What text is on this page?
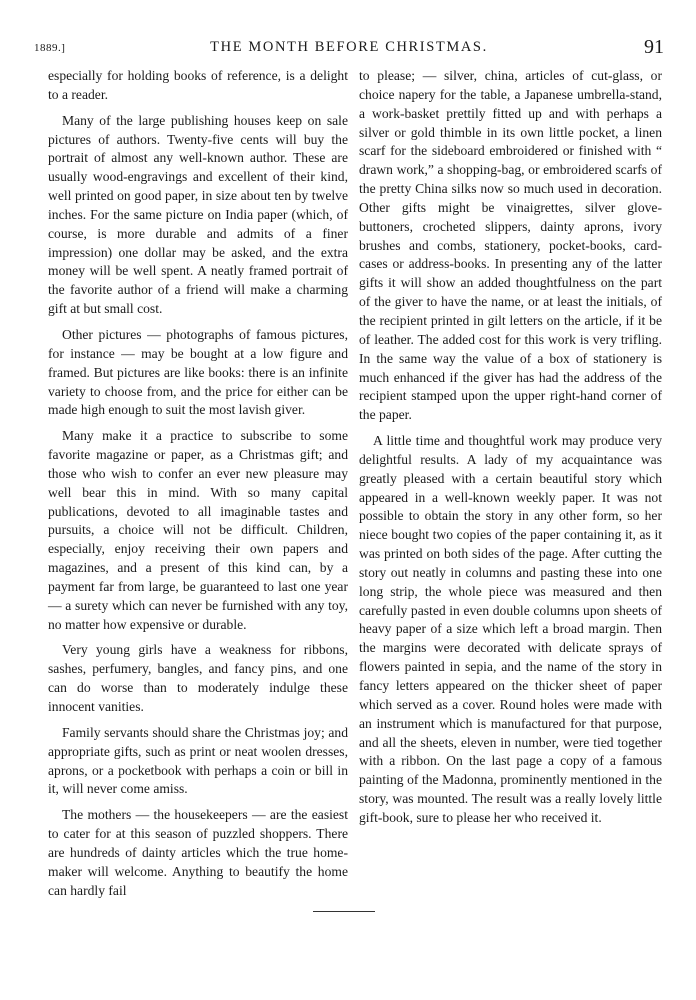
1889.]	THE MONTH BEFORE CHRISTMAS.	91

especially for holding books of reference, is a delight to a reader.

Many of the large publishing houses keep on sale pictures of authors. Twenty-five cents will buy the portrait of almost any well-known author. These are usually wood-engravings and excellent of their kind, well printed on good paper, in size about ten by twelve inches. For the same picture on India paper (which, of course, is more durable and admits of a finer impression) one dollar may be asked, and the extra money will be well spent. A neatly framed portrait of the favorite author of a friend will make a charming gift at but small cost.

Other pictures — photographs of famous pictures, for instance — may be bought at a low figure and framed. But pictures are like books: there is an infinite variety to choose from, and the price for either can be made high enough to suit the most lavish giver.

Many make it a practice to subscribe to some favorite magazine or paper, as a Christmas gift; and those who wish to confer an ever new pleasure may well bear this in mind. With so many capital publications, devoted to all imaginable tastes and pursuits, a choice will not be difficult. Children, especially, enjoy receiving their own papers and magazines, and a present of this kind can, by a payment far from large, be guaranteed to last one year — a surety which can never be furnished with any toy, no matter how expensive or durable.

Very young girls have a weakness for ribbons, sashes, perfumery, bangles, and fancy pins, and one can do worse than to moderately indulge these innocent vanities.

Family servants should share the Christmas joy; and appropriate gifts, such as print or neat woolen dresses, aprons, or a pocketbook with perhaps a coin or bill in it, will never come amiss.

The mothers — the housekeepers — are the easiest to cater for at this season of puzzled shoppers. There are hundreds of dainty articles which the true home-maker will welcome. Anything to beautify the home can hardly fail

to please; — silver, china, articles of cut-glass, or choice napery for the table, a Japanese umbrella-stand, a work-basket prettily fitted up and with perhaps a silver or gold thimble in its own little pocket, a linen scarf for the sideboard embroidered or finished with “ drawn work,” a shopping-bag, or embroidered scarfs of the pretty China silks now so much used in decoration. Other gifts might be vinaigrettes, silver glove-buttoners, crocheted slippers, dainty aprons, ivory brushes and combs, stationery, pocket-books, card-cases or address-books. In presenting any of the latter gifts it will show an added thoughtfulness on the part of the giver to have the name, or at least the initials, of the recipient printed in gilt letters on the article, if it be of leather. The added cost for this work is very trifling. In the same way the value of a box of stationery is much enhanced if the giver has had the address of the recipient stamped upon the upper right-hand corner of the paper.

A little time and thoughtful work may produce very delightful results. A lady of my acquaintance was greatly pleased with a certain beautiful story which appeared in a well-known weekly paper. It was not possible to obtain the story in any other form, so her niece bought two copies of the paper containing it, as it was printed on both sides of the page. After cutting the story out neatly in columns and pasting these into one long strip, the whole piece was measured and then carefully pasted in even double columns upon sheets of heavy paper of a size which left a broad margin. Then the margins were decorated with delicate sprays of flowers painted in sepia, and the name of the story in fancy letters appeared on the thicker sheet of paper which served as a cover. Round holes were made with an instrument which is manufactured for that purpose, and all the sheets, eleven in number, were tied together with a ribbon. On the last page a copy of a famous painting of the Madonna, prominently mentioned in the story, was mounted. The result was a really lovely little gift-book, sure to please her who received it.
